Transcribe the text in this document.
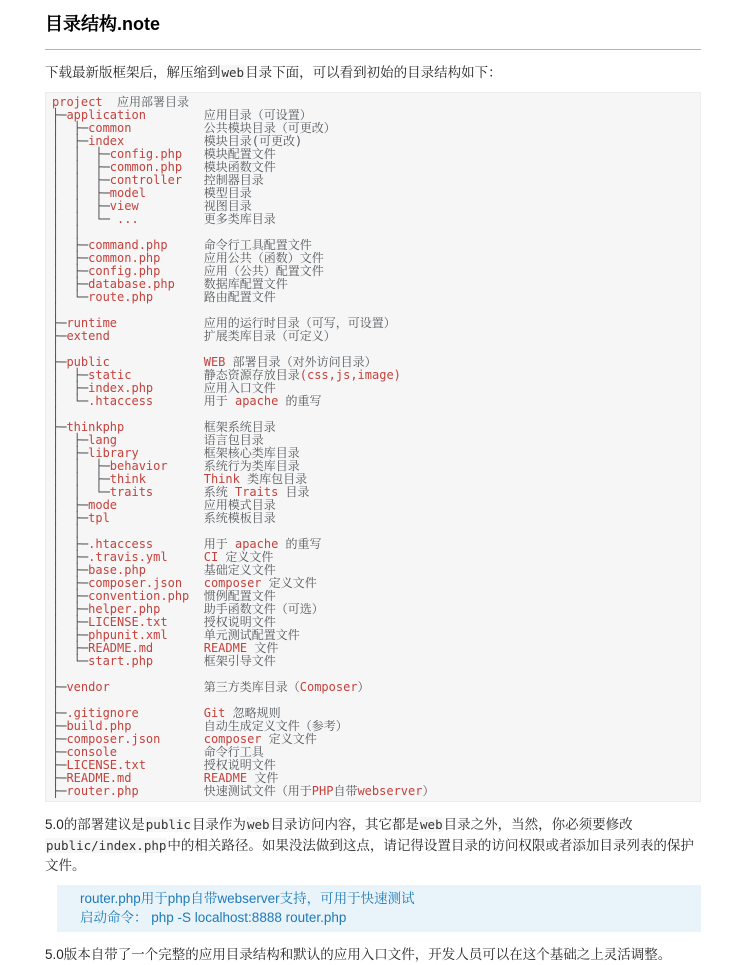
目录结构.note

下载最新版框架后，解压缩到web目录下面，可以看到初始的目录结构如下：

project 应用部署目录
├─application	应用目录（可设置）
│  ├─common	公共模块目录（可更改）
│  ├─index	模块目录(可更改)
│  │  ├─config.php 模块配置文件
│  │  ├─common.php 模块函数文件
│  │  ├─controller 控制器目录
│  │  ├─model	模型目录
│  │  ├─view	视图目录
│  │  └─ ...	更多类库目录
│  │
│  ├─command.php	命令行工具配置文件
│  ├─common.php	应用公共（函数）文件
│  ├─config.php	应用（公共）配置文件
│  ├─database.php 数据库配置文件
│  └─route.php	路由配置文件
│
├─runtime	应用的运行时目录（可写，可设置）
├─extend	扩展类库目录（可定义）
│
├─public	WEB 部署目录（对外访问目录）
│  ├─static	静态资源存放目录(css,js,image)
│  ├─index.php	应用入口文件
│  └─.htaccess	用于 apache 的重写
│
├─thinkphp	框架系统目录
│  ├─lang	语言包目录
│  ├─library	框架核心类库目录
│  │  ├─behavior	系统行为类库目录
│  │  ├─think	Think 类库包目录
│  │  └─traits	系统 Traits 目录
│  ├─mode	应用模式目录
│  ├─tpl	系统模板目录
│  │
│  ├─.htaccess	用于 apache 的重写
│  ├─.travis.yml	CI 定义文件
│  ├─base.php	基础定义文件
│  ├─composer.json composer 定义文件
│  ├─convention.php 惯例配置文件
│  ├─helper.php	助手函数文件（可选）
│  ├─LICENSE.txt	授权说明文件
│  ├─phpunit.xml	单元测试配置文件
│  ├─README.md	README 文件
│  └─start.php	框架引导文件
│
├─vendor	第三方类库目录（Composer）
│
├─.gitignore	Git 忽略规则
├─build.php	自动生成定义文件（参考）
├─composer.json	composer 定义文件
├─console	命令行工具
├─LICENSE.txt	授权说明文件
├─README.md	README 文件
├─router.php	快速测试文件（用于PHP自带webserver）

5.0的部署建议是public目录作为web目录访问内容，其它都是web目录之外，当然，你必须要修改public/index.php中的相关路径。如果没法做到这点，请记得设置目录的访问权限或者添加目录列表的保护文件。

router.php用于php自带webserver支持，可用于快速测试
启动命令： php -S localhost:8888 router.php

5.0版本自带了一个完整的应用目录结构和默认的应用入口文件，开发人员可以在这个基础之上灵活调整。
